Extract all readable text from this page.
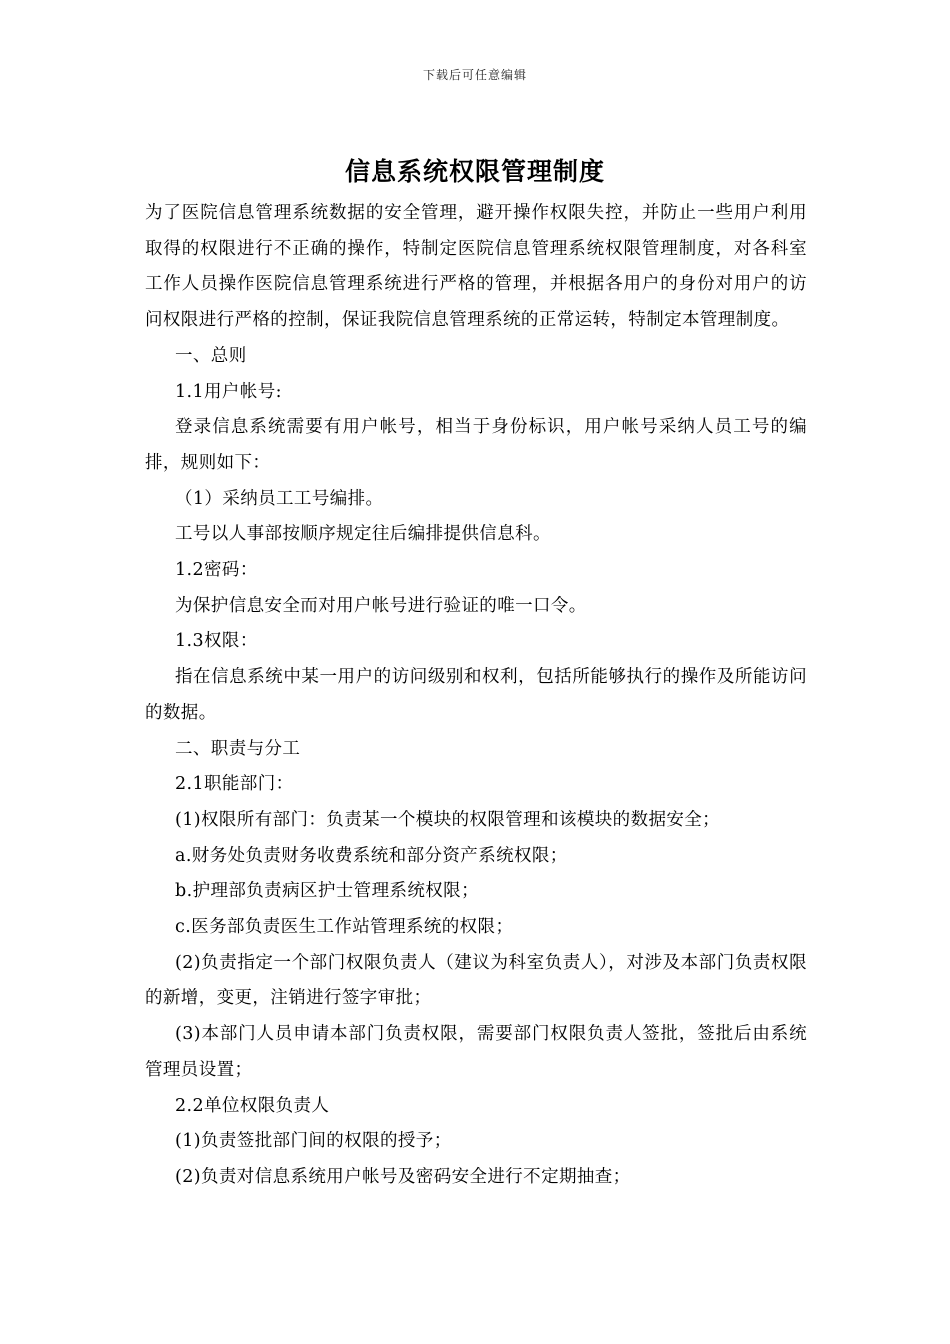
下载后可任意编辑
信息系统权限管理制度

为了医院信息管理系统数据的安全管理，避开操作权限失控，并防止一些用户利用取得的权限进行不正确的操作，特制定医院信息管理系统权限管理制度，对各科室工作人员操作医院信息管理系统进行严格的管理，并根据各用户的身份对用户的访问权限进行严格的控制，保证我院信息管理系统的正常运转，特制定本管理制度。

一、总则

1.1用户帐号:

登录信息系统需要有用户帐号，相当于身份标识，用户帐号采纳人员工号的编排，规则如下：

（1）采纳员工工号编排。

工号以人事部按顺序规定往后编排提供信息科。

1.2密码：

为保护信息安全而对用户帐号进行验证的唯一口令。

1.3权限：

指在信息系统中某一用户的访问级别和权利，包括所能够执行的操作及所能访问的数据。

二、职责与分工

2.1职能部门：

(1)权限所有部门：负责某一个模块的权限管理和该模块的数据安全；

a.财务处负责财务收费系统和部分资产系统权限；

b.护理部负责病区护士管理系统权限；

c.医务部负责医生工作站管理系统的权限；

(2)负责指定一个部门权限负责人（建议为科室负责人），对涉及本部门负责权限的新增，变更，注销进行签字审批；

(3)本部门人员申请本部门负责权限，需要部门权限负责人签批，签批后由系统管理员设置；

2.2单位权限负责人

(1)负责签批部门间的权限的授予；

(2)负责对信息系统用户帐号及密码安全进行不定期抽查；
